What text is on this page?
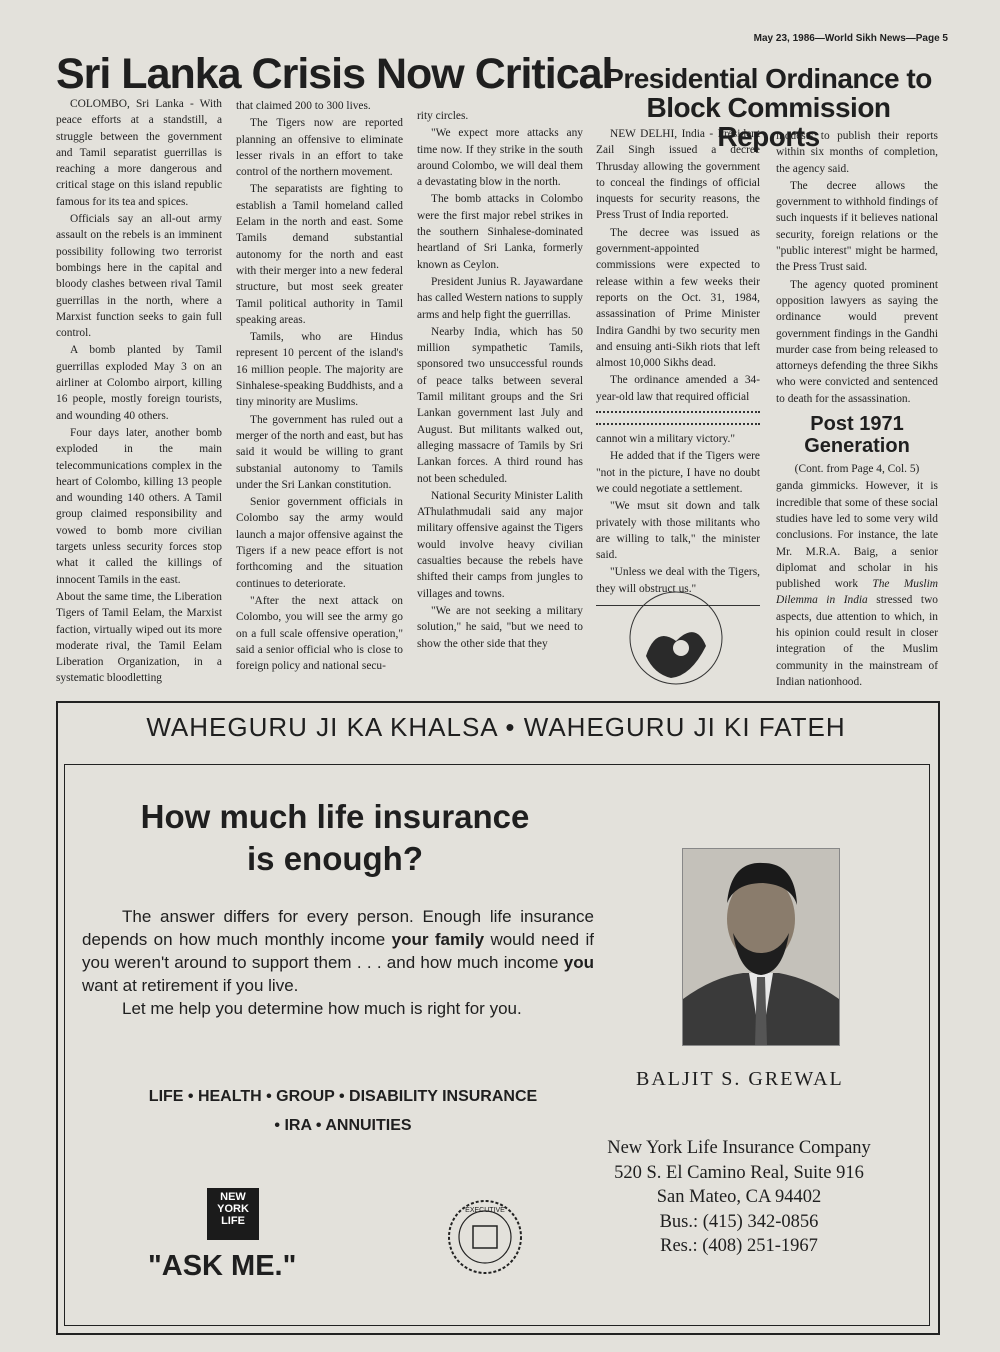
May 23, 1986—World Sikh News—Page 5
Sri Lanka Crisis Now Critical

COLOMBO, Sri Lanka - With peace efforts at a standstill, a struggle between the government and Tamil separatist guerrillas is reaching a more dangerous and critical stage on this island republic famous for its tea and spices.

Officials say an all-out army assault on the rebels is an imminent possibility following two terrorist bombings here in the capital and bloody clashes between rival Tamil guerrillas in the north, where a Marxist function seeks to gain full control.

A bomb planted by Tamil guerrillas exploded May 3 on an airliner at Colombo airport, killing 16 people, mostly foreign tourists, and wounding 40 others.

Four days later, another bomb exploded in the main telecommunications complex in the heart of Colombo, killing 13 people and wounding 140 others. A Tamil group claimed responsibility and vowed to bomb more civilian targets unless security forces stop what it called the killings of innocent Tamils in the east.

About the same time, the Liberation Tigers of Tamil Eelam, the Marxist faction, virtually wiped out its more moderate rival, the Tamil Eelam Liberation Organization, in a systematic bloodletting

that claimed 200 to 300 lives.

The Tigers now are reported planning an offensive to eliminate lesser rivals in an effort to take control of the northern movement.

The separatists are fighting to establish a Tamil homeland called Eelam in the north and east. Some Tamils demand substantial autonomy for the north and east with their merger into a new federal structure, but most seek greater Tamil political authority in Tamil speaking areas.

Tamils, who are Hindus represent 10 percent of the island's 16 million people. The majority are Sinhalese-speaking Buddhists, and a tiny minority are Muslims.

The government has ruled out a merger of the north and east, but has said it would be willing to grant substanial autonomy to Tamils under the Sri Lankan constitution.

Senior government officials in Colombo say the army would launch a major offensive against the Tigers if a new peace effort is not forthcoming and the situation continues to deteriorate.

"After the next attack on Colombo, you will see the army go on a full scale offensive operation," said a senior official who is close to foreign policy and national secu-

rity circles.

"We expect more attacks any time now. If they strike in the south around Colombo, we will deal them a devastating blow in the north.

The bomb attacks in Colombo were the first major rebel strikes in the southern Sinhalese-dominated heartland of Sri Lanka, formerly known as Ceylon.

President Junius R. Jayawardane has called Western nations to supply arms and help fight the guerrillas.

Nearby India, which has 50 million sympathetic Tamils, sponsored two unsuccessful rounds of peace talks between several Tamil militant groups and the Sri Lankan government last July and August. But militants walked out, alleging massacre of Tamils by Sri Lankan forces. A third round has not been scheduled.

National Security Minister Lalith AThulathmudali said any major military offensive against the Tigers would involve heavy civilian casualties because the rebels have shifted their camps from jungles to villages and towns.

"We are not seeking a military solution," he said, "but we need to show the other side that they

Presidential Ordinance to Block Commission Reports

NEW DELHI, India - President Zail Singh issued a decree Thrusday allowing the government to conceal the findings of official inquests for security reasons, the Press Trust of India reported.

The decree was issued as government-appointed commissions were expected to release within a few weeks their reports on the Oct. 31, 1984, assassination of Prime Minister Indira Gandhi by two security men and ensuing anti-Sikh riots that left almost 10,000 Sikhs dead.

The ordinance amended a 34-year-old law that required official

cannot win a military victory."

He added that if the Tigers were "not in the picture, I have no doubt we could negotiate a settlement.

"We msut sit down and talk privately with those militants who are willing to talk," the minister said.

"Unless we deal with the Tigers, they will obstruct us."

inquests to publish their reports within six months of completion, the agency said.

The decree allows the government to withhold findings of such inquests if it believes national security, foreign relations or the "public interest" might be harmed, the Press Trust said.

The agency quoted prominent opposition lawyers as saying the ordinance would prevent government findings in the Gandhi murder case from being released to attorneys defending the three Sikhs who were convicted and sentenced to death for the assassination.

Post 1971 Generation

(Cont. from Page 4, Col. 5)

ganda gimmicks. However, it is incredible that some of these social studies have led to some very wild conclusions. For instance, the late Mr. M.R.A. Baig, a senior diplomat and scholar in his published work The Muslim Dilemma in India stressed two aspects, due attention to which, in his opinion could result in closer integration of the Muslim community in the mainstream of Indian nationhood.

WAHEGURU JI KA KHALSA • WAHEGURU JI KI FATEH
How much life insurance
is enough?

The answer differs for every person. Enough life insurance depends on how much monthly income your family would need if you weren't around to support them . . . and how much income you want at retirement if you live.

Let me help you determine how much is right for you.

LIFE • HEALTH • GROUP • DISABILITY INSURANCE
• IRA • ANNUITIES
NEW
YORK
LIFE
"ASK ME."
EXECUTIVE
BALJIT S. GREWAL
New York Life Insurance Company
520 S. El Camino Real, Suite 916
San Mateo, CA 94402
Bus.: (415) 342-0856
Res.: (408) 251-1967
